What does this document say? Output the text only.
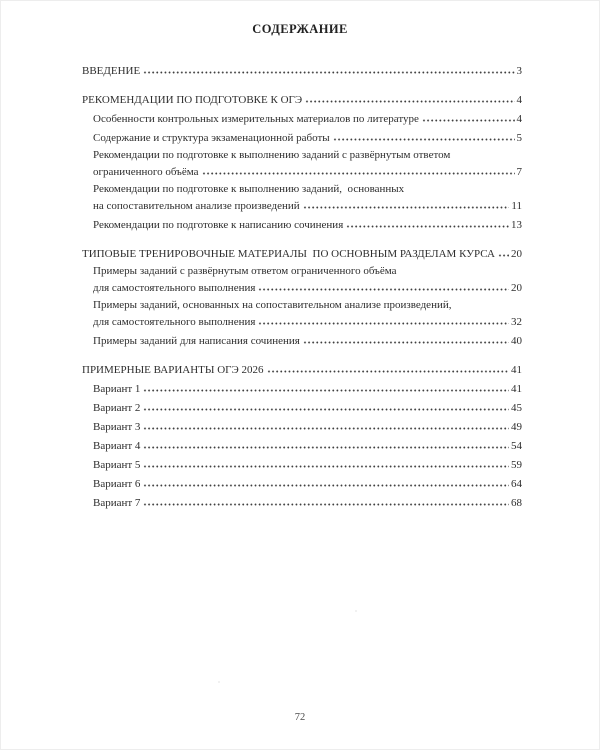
СОДЕРЖАНИЕ
ВВЕДЕНИЕ	3
РЕКОМЕНДАЦИИ ПО ПОДГОТОВКЕ К ОГЭ	4
Особенности контрольных измерительных материалов по литературе	4
Содержание и структура экзаменационной работы	5
Рекомендации по подготовке к выполнению заданий с развёрнутым ответом
ограниченного объёма	7
Рекомендации по подготовке к выполнению заданий,  основанных
на сопоставительном анализе произведений	11
Рекомендации по подготовке к написанию сочинения	13
ТИПОВЫЕ ТРЕНИРОВОЧНЫЕ МАТЕРИАЛЫ  ПО ОСНОВНЫМ РАЗДЕЛАМ КУРСА 20
Примеры заданий с развёрнутым ответом ограниченного объёма
для самостоятельного выполнения	20
Примеры заданий, основанных на сопоставительном анализе произведений,
для самостоятельного выполнения	32
Примеры заданий для написания сочинения	40
ПРИМЕРНЫЕ ВАРИАНТЫ ОГЭ 2026	41
Вариант 1	41
Вариант 2	45
Вариант 3	49
Вариант 4	54
Вариант 5	59
Вариант 6	64
Вариант 7	68
72
